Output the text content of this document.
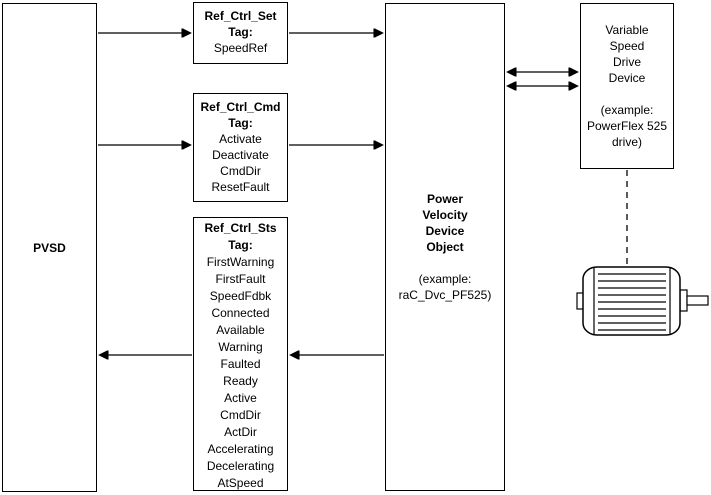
PVSD
Ref_Ctrl_Set
Tag:
SpeedRef
Ref_Ctrl_Cmd
Tag:
Activate
Deactivate
CmdDir
ResetFault
Ref_Ctrl_Sts
Tag:
FirstWarning
FirstFault
SpeedFdbk
Connected
Available
Warning
Faulted
Ready
Active
CmdDir
ActDir
Accelerating
Decelerating
AtSpeed
Power
Velocity
Device
Object
(example:
raC_Dvc_PF525)
Variable
Speed
Drive
Device
(example:
PowerFlex 525
drive)
